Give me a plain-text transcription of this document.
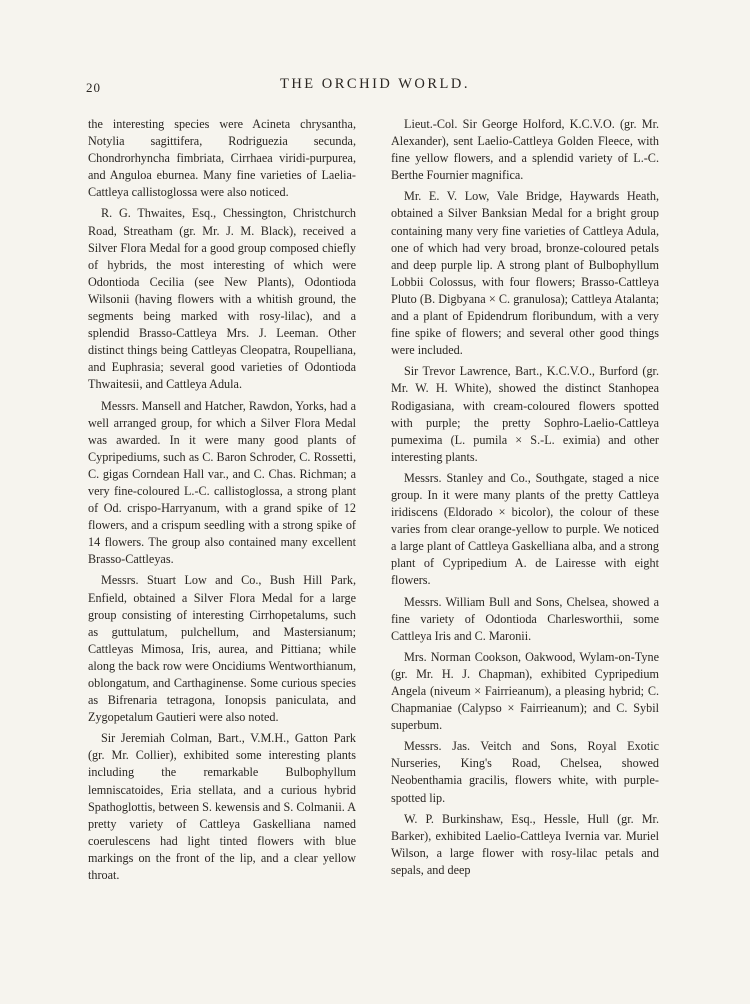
20	THE ORCHID WORLD.

the interesting species were Acineta chrysantha, Notylia sagittifera, Rodriguezia secunda, Chondrorhyncha fimbriata, Cirrhaea viridi-purpurea, and Anguloa eburnea. Many fine varieties of Laelia-Cattleya callistoglossa were also noticed.

R. G. Thwaites, Esq., Chessington, Christchurch Road, Streatham (gr. Mr. J. M. Black), received a Silver Flora Medal for a good group composed chiefly of hybrids, the most interesting of which were Odontioda Cecilia (see New Plants), Odontioda Wilsonii (having flowers with a whitish ground, the segments being marked with rosy-lilac), and a splendid Brasso-Cattleya Mrs. J. Leeman. Other distinct things being Cattleyas Cleopatra, Roupelliana, and Euphrasia; several good varieties of Odontioda Thwaitesii, and Cattleya Adula.

Messrs. Mansell and Hatcher, Rawdon, Yorks, had a well arranged group, for which a Silver Flora Medal was awarded. In it were many good plants of Cypripediums, such as C. Baron Schroder, C. Rossetti, C. gigas Corndean Hall var., and C. Chas. Richman; a very fine-coloured L.-C. callistoglossa, a strong plant of Od. crispo-Harryanum, with a grand spike of 12 flowers, and a crispum seedling with a strong spike of 14 flowers. The group also contained many excellent Brasso-Cattleyas.

Messrs. Stuart Low and Co., Bush Hill Park, Enfield, obtained a Silver Flora Medal for a large group consisting of interesting Cirrhopetalums, such as guttulatum, pulchellum, and Mastersianum; Cattleyas Mimosa, Iris, aurea, and Pittiana; while along the back row were Oncidiums Wentworthianum, oblongatum, and Carthaginense. Some curious species as Bifrenaria tetragona, Ionopsis paniculata, and Zygopetalum Gautieri were also noted.

Sir Jeremiah Colman, Bart., V.M.H., Gatton Park (gr. Mr. Collier), exhibited some interesting plants including the remarkable Bulbophyllum lemniscatoides, Eria stellata, and a curious hybrid Spathoglottis, between S. kewensis and S. Colmanii. A pretty variety of Cattleya Gaskelliana named coerulescens had light tinted flowers with blue markings on the front of the lip, and a clear yellow throat.

Lieut.-Col. Sir George Holford, K.C.V.O. (gr. Mr. Alexander), sent Laelio-Cattleya Golden Fleece, with fine yellow flowers, and a splendid variety of L.-C. Berthe Fournier magnifica.

Mr. E. V. Low, Vale Bridge, Haywards Heath, obtained a Silver Banksian Medal for a bright group containing many very fine varieties of Cattleya Adula, one of which had very broad, bronze-coloured petals and deep purple lip. A strong plant of Bulbophyllum Lobbii Colossus, with four flowers; Brasso-Cattleya Pluto (B. Digbyana × C. granulosa); Cattleya Atalanta; and a plant of Epidendrum floribundum, with a very fine spike of flowers; and several other good things were included.

Sir Trevor Lawrence, Bart., K.C.V.O., Burford (gr. Mr. W. H. White), showed the distinct Stanhopea Rodigasiana, with cream-coloured flowers spotted with purple; the pretty Sophro-Laelio-Cattleya pumexima (L. pumila × S.-L. eximia) and other interesting plants.

Messrs. Stanley and Co., Southgate, staged a nice group. In it were many plants of the pretty Cattleya iridiscens (Eldorado × bicolor), the colour of these varies from clear orange-yellow to purple. We noticed a large plant of Cattleya Gaskelliana alba, and a strong plant of Cypripedium A. de Lairesse with eight flowers.

Messrs. William Bull and Sons, Chelsea, showed a fine variety of Odontioda Charlesworthii, some Cattleya Iris and C. Maronii.

Mrs. Norman Cookson, Oakwood, Wylam-on-Tyne (gr. Mr. H. J. Chapman), exhibited Cypripedium Angela (niveum × Fairrieanum), a pleasing hybrid; C. Chapmaniae (Calypso × Fairrieanum); and C. Sybil superbum.

Messrs. Jas. Veitch and Sons, Royal Exotic Nurseries, King's Road, Chelsea, showed Neobenthamia gracilis, flowers white, with purple-spotted lip.

W. P. Burkinshaw, Esq., Hessle, Hull (gr. Mr. Barker), exhibited Laelio-Cattleya Ivernia var. Muriel Wilson, a large flower with rosy-lilac petals and sepals, and deep
